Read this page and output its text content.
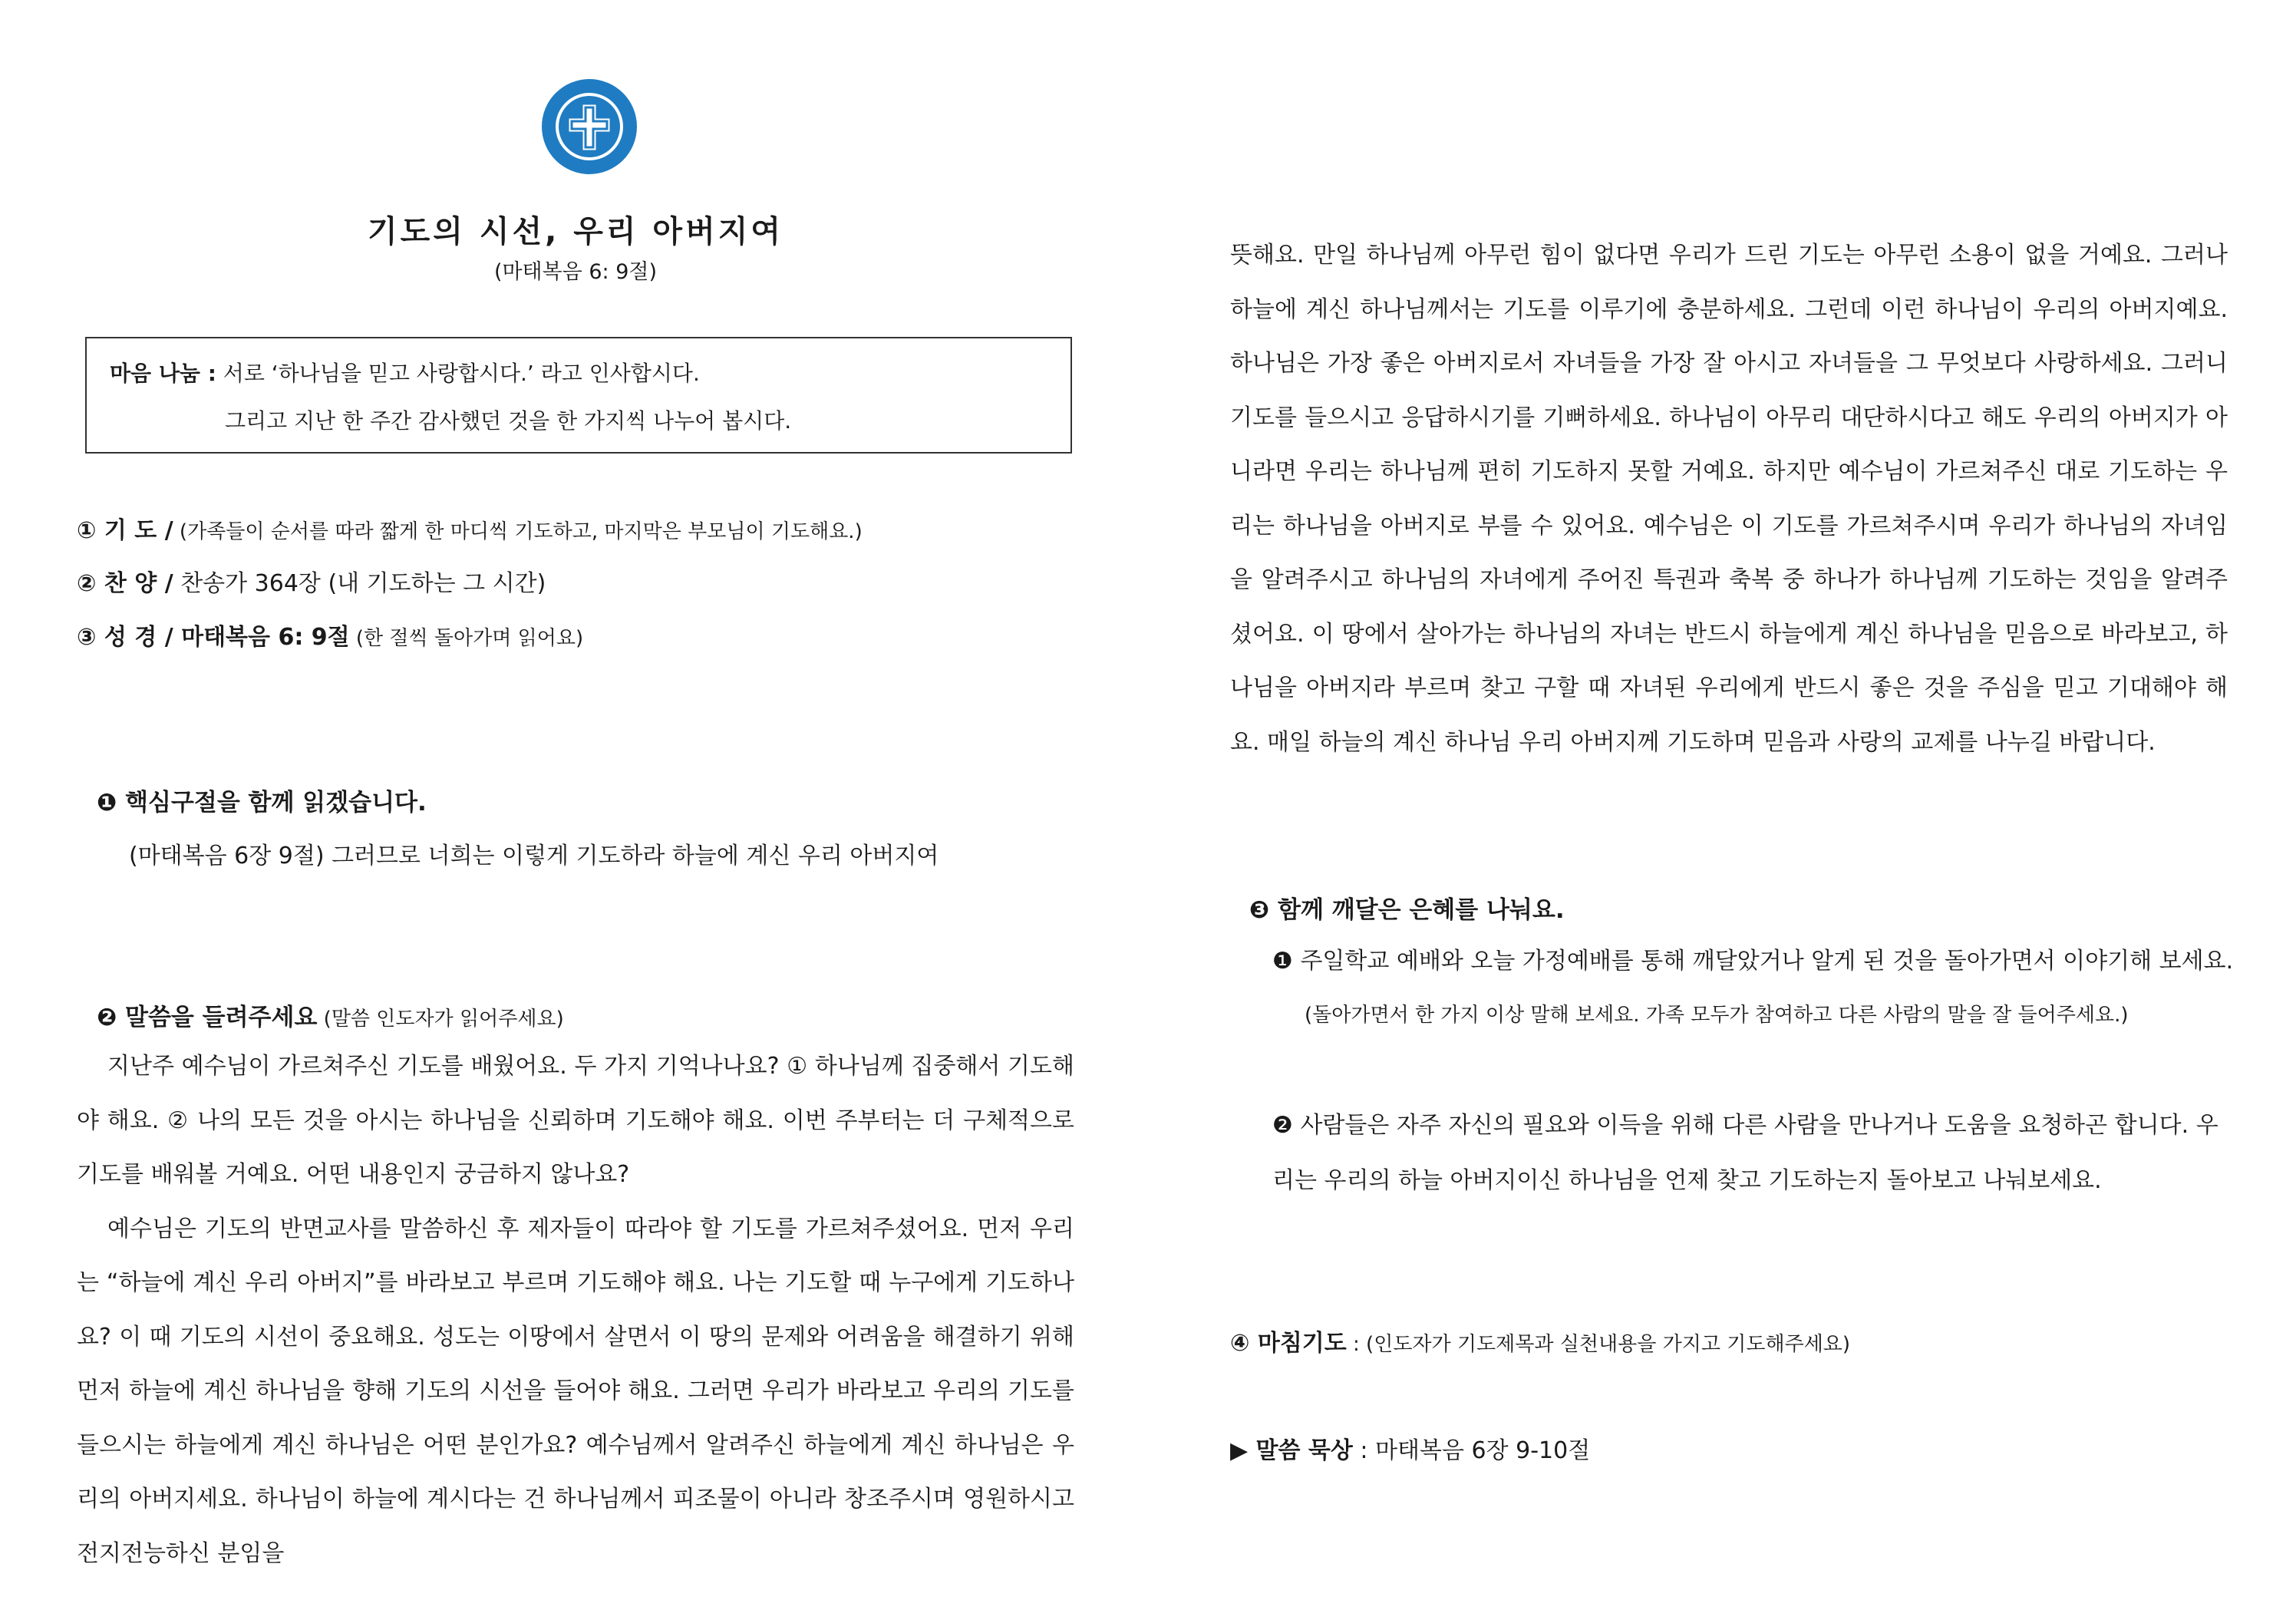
기도의 시선, 우리 아버지여
(마태복음 6: 9절)
마음 나눔 : 서로 ‘하나님을 믿고 사랑합시다.’ 라고 인사합시다.
그리고 지난 한 주간 감사했던 것을 한 가지씩 나누어 봅시다.
① 기 도 / (가족들이 순서를 따라 짧게 한 마디씩 기도하고, 마지막은 부모님이 기도해요.)
② 찬 양 / 찬송가 364장 (내 기도하는 그 시간)
③ 성 경 / 마태복음 6: 9절 (한 절씩 돌아가며 읽어요)
❶ 핵심구절을 함께 읽겠습니다.
(마태복음 6장 9절) 그러므로 너희는 이렇게 기도하라 하늘에 계신 우리 아버지여
❷ 말씀을 들려주세요 (말씀 인도자가 읽어주세요)

지난주 예수님이 가르쳐주신 기도를 배웠어요. 두 가지 기억나나요? ① 하나님께 집중해서 기도해야 해요. ② 나의 모든 것을 아시는 하나님을 신뢰하며 기도해야 해요. 이번 주부터는 더 구체적으로 기도를 배워볼 거예요. 어떤 내용인지 궁금하지 않나요?

예수님은 기도의 반면교사를 말씀하신 후 제자들이 따라야 할 기도를 가르쳐주셨어요. 먼저 우리는 “하늘에 계신 우리 아버지”를 바라보고 부르며 기도해야 해요. 나는 기도할 때 누구에게 기도하나요? 이 때 기도의 시선이 중요해요. 성도는 이땅에서 살면서 이 땅의 문제와 어려움을 해결하기 위해 먼저 하늘에 계신 하나님을 향해 기도의 시선을 들어야 해요. 그러면 우리가 바라보고 우리의 기도를 들으시는 하늘에게 계신 하나님은 어떤 분인가요? 예수님께서 알려주신 하늘에게 계신 하나님은 우리의 아버지세요. 하나님이 하늘에 계시다는 건 하나님께서 피조물이 아니라 창조주시며 영원하시고 전지전능하신 분임을

뜻해요. 만일 하나님께 아무런 힘이 없다면 우리가 드린 기도는 아무런 소용이 없을 거예요. 그러나 하늘에 계신 하나님께서는 기도를 이루기에 충분하세요. 그런데 이런 하나님이 우리의 아버지예요. 하나님은 가장 좋은 아버지로서 자녀들을 가장 잘 아시고 자녀들을 그 무엇보다 사랑하세요. 그러니 기도를 들으시고 응답하시기를 기뻐하세요. 하나님이 아무리 대단하시다고 해도 우리의 아버지가 아니라면 우리는 하나님께 편히 기도하지 못할 거예요. 하지만 예수님이 가르쳐주신 대로 기도하는 우리는 하나님을 아버지로 부를 수 있어요. 예수님은 이 기도를 가르쳐주시며 우리가 하나님의 자녀임을 알려주시고 하나님의 자녀에게 주어진 특권과 축복 중 하나가 하나님께 기도하는 것임을 알려주셨어요. 이 땅에서 살아가는 하나님의 자녀는 반드시 하늘에게 계신 하나님을 믿음으로 바라보고, 하나님을 아버지라 부르며 찾고 구할 때 자녀된 우리에게 반드시 좋은 것을 주심을 믿고 기대해야 해요. 매일 하늘의 계신 하나님 우리 아버지께 기도하며 믿음과 사랑의 교제를 나누길 바랍니다.
❸ 함께 깨달은 은혜를 나눠요.
❶ 주일학교 예배와 오늘 가정예배를 통해 깨달았거나 알게 된 것을 돌아가면서 이야기해 보세요.
(돌아가면서 한 가지 이상 말해 보세요. 가족 모두가 참여하고 다른 사람의 말을 잘 들어주세요.)
❷ 사람들은 자주 자신의 필요와 이득을 위해 다른 사람을 만나거나 도움을 요청하곤 합니다. 우리는 우리의 하늘 아버지이신 하나님을 언제 찾고 기도하는지 돌아보고 나눠보세요.
④ 마침기도 : (인도자가 기도제목과 실천내용을 가지고 기도해주세요)
▶ 말씀 묵상 : 마태복음 6장 9-10절
